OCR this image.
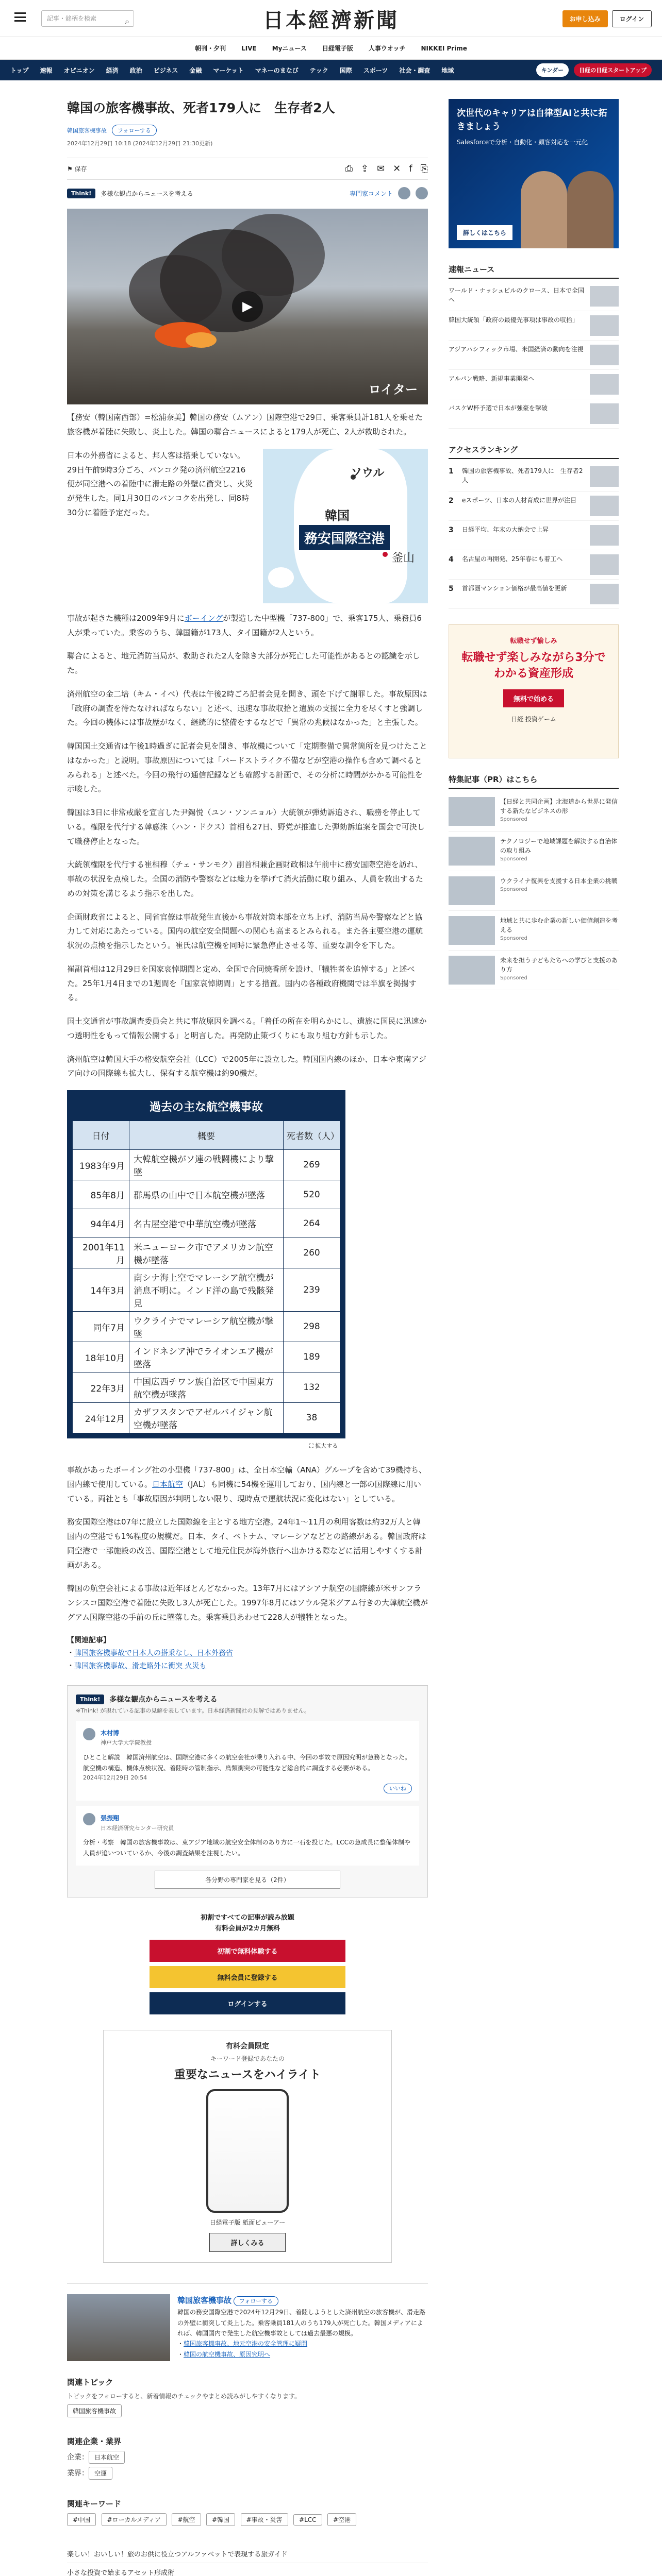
記事・銘柄を検索	⌕	日本經濟新聞	お申し込み	ログイン
朝刊・夕刊	LIVE	Myニュース	日経電子版	人事ウオッチ	NIKKEI Prime
トップ 速報 オピニオン 経済 政治 ビジネス 金融 マーケット マネーのまなび テック 国際 スポーツ 社会・調査 地域	キンダー	日経の日経スタートアップ
韓国の旅客機事故、死者179人に　生存者2人
韓国旅客機事故	フォローする
2024年12月29日 10:18 (2024年12月29日 21:30更新)
⚑ 保存	⎙ ⇪ ✉ ✕ f ⎘
Think!	多様な観点からニュースを考える	専門家コメント
▶
ロイター

【務安（韓国南西部）=松浦奈美】韓国の務安（ムアン）国際空港で29日、乗客乗員計181人を乗せた旅客機が着陸に失敗し、炎上した。韓国の聯合ニュースによると179人が死亡、2人が救助された。

日本の外務省によると、邦人客は搭乗していない。29日午前9時3分ごろ、バンコク発の済州航空2216便が同空港への着陸中に滑走路の外壁に衝突し、火災が発生した。同1月30日のバンコクを出発し、同8時30分に着陸予定だった。

ソウル
韓国
務安国際空港
釜山

事故が起きた機種は2009年9月にボーイングが製造した中型機「737-800」で、乗客175人、乗務員6人が乗っていた。乗客のうち、韓国籍が173人、タイ国籍が2人という。

聯合によると、地元消防当局が、救助された2人を除き大部分が死亡した可能性があるとの認識を示した。

済州航空の金二培（キム・イベ）代表は午後2時ごろ記者会見を開き、頭を下げて謝罪した。事故原因は「政府の調査を待たなければならない」と述べ、迅速な事故収拾と遺族の支援に全力を尽くすと強調した。今回の機体には事故歴がなく、継続的に整備をするなどで「異常の兆候はなかった」と主張した。

韓国国土交通省は午後1時過ぎに記者会見を開き、事故機について「定期整備で異常箇所を見つけたことはなかった」と説明。事故原因については「バードストライク不備などが空港の操作も含めて調べるとみられる」と述べた。今回の飛行の通信記録なども確認する計画で、その分析に時間がかかる可能性を示唆した。

韓国は3日に非常戒厳を宣言した尹錫悦（ユン・ソンニョル）大統領が弾劾訴追され、職務を停止している。権限を代行する韓悳洙（ハン・ドクス）首相も27日、野党が推進した弾劾訴追案を国会で可決して職務停止となった。

大統領権限を代行する崔相穆（チェ・サンモク）副首相兼企画財政相は午前中に務安国際空港を訪れ、事故の状況を点検した。全国の消防や警察などは総力を挙げて消火活動に取り組み、人員を救出するための対策を講じるよう指示を出した。

企画財政省によると、同省官僚は事故発生直後から事故対策本部を立ち上げ、消防当局や警察などと協力して対応にあたっている。国内の航空安全問題への関心も高まるとみられる。また各主要空港の運航状況の点検を指示したという。崔氏は航空機を同時に緊急停止させる等、重要な訓令を下した。

崔副首相は12月29日を国家哀悼期間と定め、全国で合同焼香所を設け、「犠牲者を追悼する」と述べた。25年1月4日までの1週間を「国家哀悼期間」とする措置。国内の各種政府機関では半旗を掲揚する。

国土交通省が事故調査委員会と共に事故原因を調べる。「着任の所在を明らかにし、遺族に国民に迅速かつ透明性をもって情報公開する」と明言した。再発防止策づくりにも取り組む方針も示した。

済州航空は韓国大手の格安航空会社（LCC）で2005年に設立した。韓国国内線のほか、日本や東南アジア向けの国際線も拡大し、保有する航空機は約90機だ。

過去の主な航空機事故
日付	概要	死者数（人）
1983年9月	大韓航空機がソ連の戦闘機により撃墜	269
85年8月	群馬県の山中で日本航空機が墜落	520
94年4月	名古屋空港で中華航空機が墜落	264
2001年11月	米ニューヨーク市でアメリカン航空機が墜落	260
14年3月	南シナ海上空でマレーシア航空機が消息不明に。インド洋の島で残骸発見	239
同年7月	ウクライナでマレーシア航空機が撃墜	298
18年10月	インドネシア沖でライオンエア機が墜落	189
22年3月	中国広西チワン族自治区で中国東方航空機が墜落	132
24年12月	カザフスタンでアゼルバイジャン航空機が墜落	38
⛶ 拡大する

事故があったボーイング社の小型機「737-800」は、全日本空輸（ANA）グループを含めて39機持ち、国内線で使用している。日本航空（JAL）も同機に54機を運用しており、国内線と一部の国際線に用いている。両社とも「事故原因が判明しない限り、現時点で運航状況に変化はない」としている。

務安国際空港は07年に設立した国際線を主とする地方空港。24年1〜11月の利用客数は約32万人と韓国内の空港でも1%程度の規模だ。日本、タイ、ベトナム、マレーシアなどとの路線がある。韓国政府は同空港で一部施設の改善、国際空港として地元住民が海外旅行へ出かける際などに活用しやすくする計画がある。

韓国の航空会社による事故は近年ほとんどなかった。13年7月にはアシアナ航空の国際線が米サンフランシスコ国際空港で着陸に失敗し3人が死亡した。1997年8月にはソウル発米グアム行きの大韓航空機がグアム国際空港の手前の丘に墜落した。乗客乗員あわせて228人が犠牲となった。

【関連記事】
・韓国旅客機事故で日本人の搭乗なし、日本外務省
・韓国旅客機事故、滑走路外に衝突 火災も
Think!	多様な観点からニュースを考える
※Think! が現れている記事の見解を表しています。日本経済新聞社の見解ではありません。
木村博
神戸大学大学院教授
ひとこと解説　韓国済州航空は、国際空港に多くの航空会社が乗り入れる中、今回の事故で原因究明が急務となった。航空機の構造、機体点検状況、着陸時の管制指示、鳥類衝突の可能性など総合的に調査する必要がある。
2024年12月29日 20:54
いいね
張振翔
日本経済研究センター研究員
分析・考察　韓国の旅客機事故は、東アジア地域の航空安全体制のあり方に一石を投じた。LCCの急成長に整備体制や人員が追いついているか、今後の調査結果を注視したい。
各分野の専門家を見る（2件）
初割ですべての記事が読み放題
有料会員が2カ月無料
初割で無料体験する
無料会員に登録する
ログインする
有料会員限定
キーワード登録であなたの
重要なニュースをハイライト
日経電子版 紙面ビューアー
詳しくみる
韓国旅客機事故 フォローする
韓国の務安国際空港で2024年12月29日、着陸しようとした済州航空の旅客機が、滑走路の外壁に衝突して炎上した。乗客乗員181人のうち179人が死亡した。韓国メディアによれば、韓国国内で発生した航空機事故としては過去最悪の規模。
・韓国旅客機事故、地元空港の安全管理に疑問
・韓国の航空機事故、原因究明へ
関連トピック
トピックをフォローすると、新着情報のチェックやまとめ読みがしやすくなります。
韓国旅客機事故
関連企業・業界
企業： 日本航空
業界： 空運
関連キーワード
#中国	#ローカルメディア	#航空	#韓国	#事故・災害	#LCC	#空港
楽しい！おいしい！旅のお供に役立つアルファベットで表現する旅ガイド
小さな投資で始まるアセット形成術
次世代のキャリアは自律型AIと共に拓きましょう
Salesforceで分析・自動化・顧客対応を一元化
詳しくはこちら
速報ニュース
ワールド・ナッシュビルのクロース、日本で全国へ
韓国大統領「政府の最優先事項は事故の収拾」
アジアパシフィック市場、米国経済の動向を注視
アルパン戦略、新規事業開発へ
バスケW杯予選で日本が強豪を撃破
アクセスランキング
1	韓国の旅客機事故、死者179人に　生存者2人
2	eスポーツ、日本の人材育成に世界が注目
3	日経平均、年末の大納会で上昇
4	名古屋の再開発、25年春にも着工へ
5	首都圏マンション価格が最高値を更新
転職せず愉しみ
転職せず楽しみながら3分でわかる資産形成
無料で始める
日経 投資ゲーム
特集記事（PR）はこちら
【日経と共同企画】北海道から世界に発信する新たなビジネスの形
Sponsored
テクノロジーで地域課題を解決する自治体の取り組み
Sponsored
ウクライナ復興を支援する日本企業の挑戦
Sponsored
地域と共に歩む企業の新しい価値創造を考える
Sponsored
未来を担う子どもたちへの学びと支援のあり方
Sponsored
